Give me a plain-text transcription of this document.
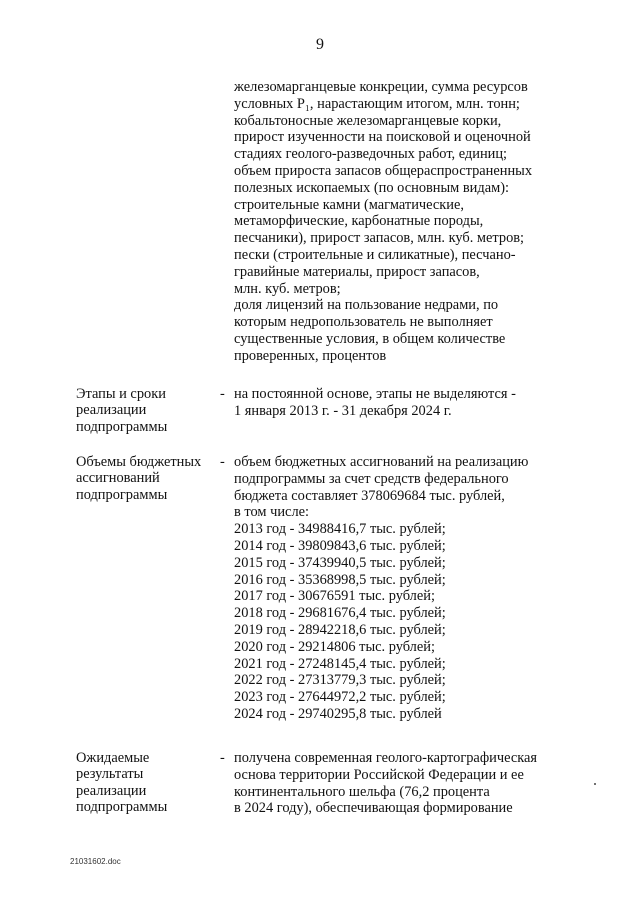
9
железомарганцевые конкреции, сумма ресурсов
условных P₁, нарастающим итогом, млн. тонн;
кобальтоносные железомарганцевые корки,
прирост изученности на поисковой и оценочной
стадиях геолого-разведочных работ, единиц;
объем прироста запасов общераспространенных
полезных ископаемых (по основным видам):
строительные камни (магматические,
метаморфические, карбонатные породы,
песчаники), прирост запасов, млн. куб. метров;
пески (строительные и силикатные), песчано-
гравийные материалы, прирост запасов,
млн. куб. метров;
доля лицензий на пользование недрами, по
которым недропользователь не выполняет
существенные условия, в общем количестве
проверенных, процентов
Этапы и сроки
реализации
подпрограммы
- на постоянной основе, этапы не выделяются -
1 января 2013 г. - 31 декабря 2024 г.
Объемы бюджетных
ассигнований
подпрограммы
- объем бюджетных ассигнований на реализацию
подпрограммы за счет средств федерального
бюджета составляет 378069684 тыс. рублей,
в том числе:
2013 год - 34988416,7 тыс. рублей;
2014 год - 39809843,6 тыс. рублей;
2015 год - 37439940,5 тыс. рублей;
2016 год - 35368998,5 тыс. рублей;
2017 год - 30676591 тыс. рублей;
2018 год - 29681676,4 тыс. рублей;
2019 год - 28942218,6 тыс. рублей;
2020 год - 29214806 тыс. рублей;
2021 год - 27248145,4 тыс. рублей;
2022 год - 27313779,3 тыс. рублей;
2023 год - 27644972,2 тыс. рублей;
2024 год - 29740295,8 тыс. рублей
Ожидаемые
результаты
реализации
подпрограммы
- получена современная геолого-картографическая
основа территории Российской Федерации и ее
континентального шельфа (76,2 процента
в 2024 году), обеспечивающая формирование
21031602.doc
